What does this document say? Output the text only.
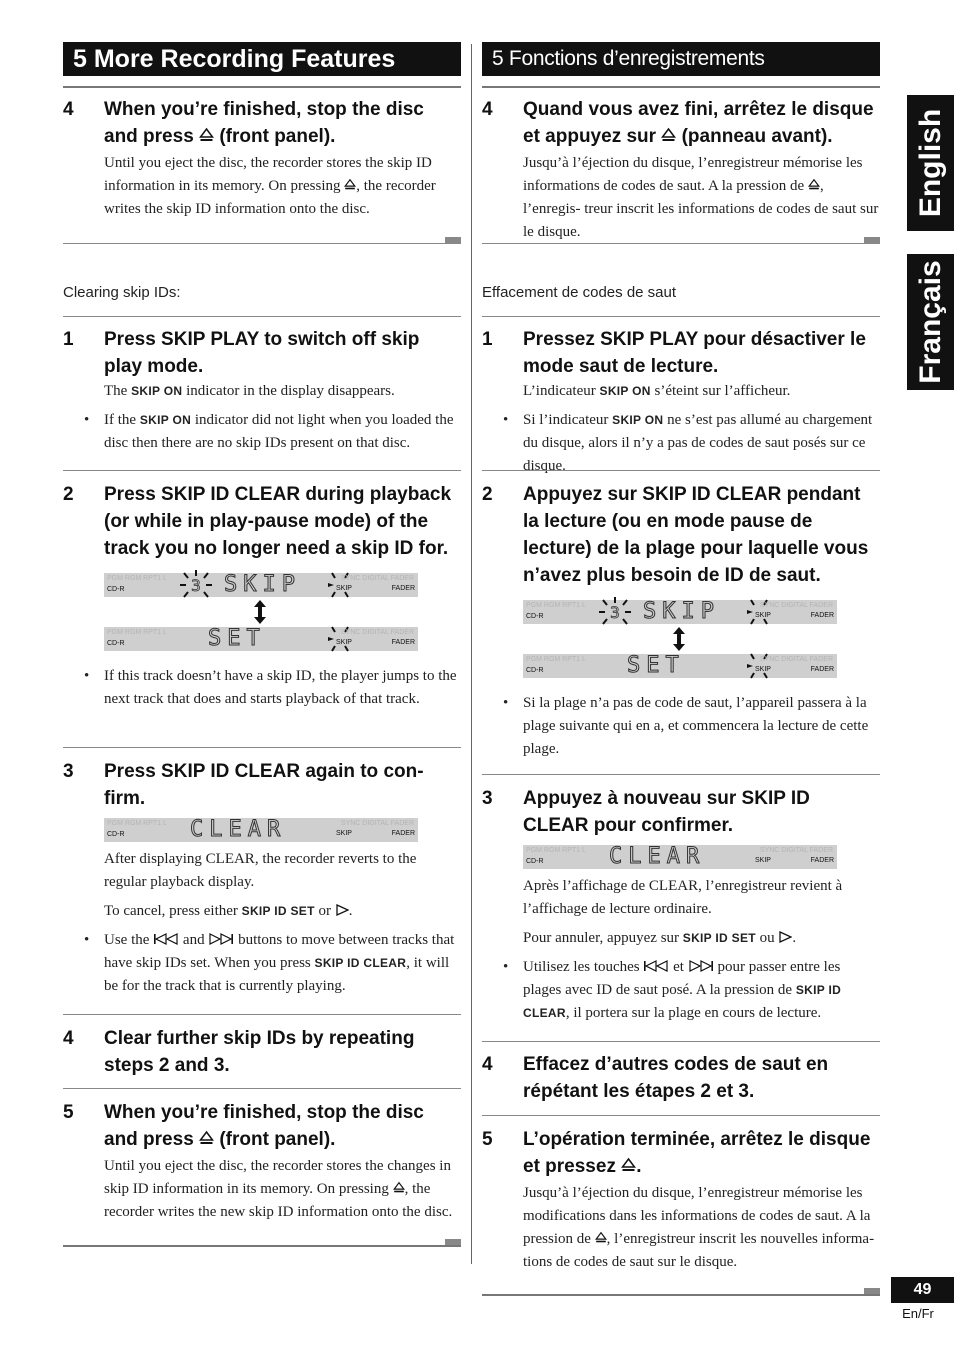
English
Français
5 More Recording Features
4	When you’re finished, stop the disc and press (front panel).
Until you eject the disc, the recorder stores the skip ID information in its memory. On pressing , the recorder writes the skip ID information onto the disc.
Clearing skip IDs:
1	Press SKIP PLAY to switch off skip play mode.
The SKIP ON indicator in the display disappears.
• If the SKIP ON indicator did not light when you loaded the disc then there are no skip IDs present on that disc.
2	Press SKIP ID CLEAR during playback (or while in play-pause mode) of the track you no longer need a skip ID for.
PGM RGM RPT1 L
CD-R	3 SKIP	SKIP
SYNC DIGITAL FADER
FADER
PGM RGM RPT1 L
CD-R	SET	SKIP
SYNC DIGITAL FADER
FADER
• If this track doesn’t have a skip ID, the player jumps to the next track that does and starts playback of that track.
3	Press SKIP ID CLEAR again to con- firm.
PGM RGM RPT1 L
CD-R	CLEAR	SKIP
SYNC DIGITAL FADER
FADER
After displaying CLEAR, the recorder reverts to the regular playback display.
To cancel, press either SKIP ID SET or .
• Use the and buttons to move between tracks that have skip IDs set. When you press SKIP ID CLEAR, it will be for the track that is currently playing.
4	Clear further skip IDs by repeating steps 2 and 3.
5	When you’re finished, stop the disc and press (front panel).
Until you eject the disc, the recorder stores the changes in skip ID information in its memory. On pressing , the recorder writes the new skip ID information onto the disc.
5 Fonctions d’enregistrements complémentaires
4	Quand vous avez fini, arrêtez le disque et appuyez sur (panneau avant).
Jusqu’à l’éjection du disque, l’enregistreur mémorise les informations de codes de saut. A la pression de , l’enregis- treur inscrit les informations de codes de saut sur le disque.
Effacement de codes de saut
1	Pressez SKIP PLAY pour désactiver le mode saut de lecture.
L’indicateur SKIP ON s’éteint sur l’afficheur.
• Si l’indicateur SKIP ON ne s’est pas allumé au chargement du disque, alors il n’y a pas de codes de saut posés sur ce disque.
2	Appuyez sur SKIP ID CLEAR pendant la lecture (ou en mode pause de lecture) de la plage pour laquelle vous n’avez plus besoin de ID de saut.
PGM RGM RPT1 L
CD-R	3 SKIP	SKIP
SYNC DIGITAL FADER
FADER
PGM RGM RPT1 L
CD-R	SET	SKIP
SYNC DIGITAL FADER
FADER
• Si la plage n’a pas de code de saut, l’appareil passera à la plage suivante qui en a, et commencera la lecture de cette plage.
3	Appuyez à nouveau sur SKIP ID CLEAR pour confirmer.
PGM RGM RPT1 L
CD-R	CLEAR	SKIP
SYNC DIGITAL FADER
FADER
Après l’affichage de CLEAR, l’enregistreur revient à l’affichage de lecture ordinaire.
Pour annuler, appuyez sur SKIP ID SET ou .
• Utilisez les touches et pour passer entre les plages avec ID de saut posé. A la pression de SKIP ID CLEAR, il portera sur la plage en cours de lecture.
4	Effacez d’autres codes de saut en répétant les étapes 2 et 3.
5	L’opération terminée, arrêtez le disque et pressez .
Jusqu’à l’éjection du disque, l’enregistreur mémorise les modifications dans les informations de codes de saut. A la pression de , l’enregistreur inscrit les nouvelles informa- tions de codes de saut sur le disque.
49
En/Fr
